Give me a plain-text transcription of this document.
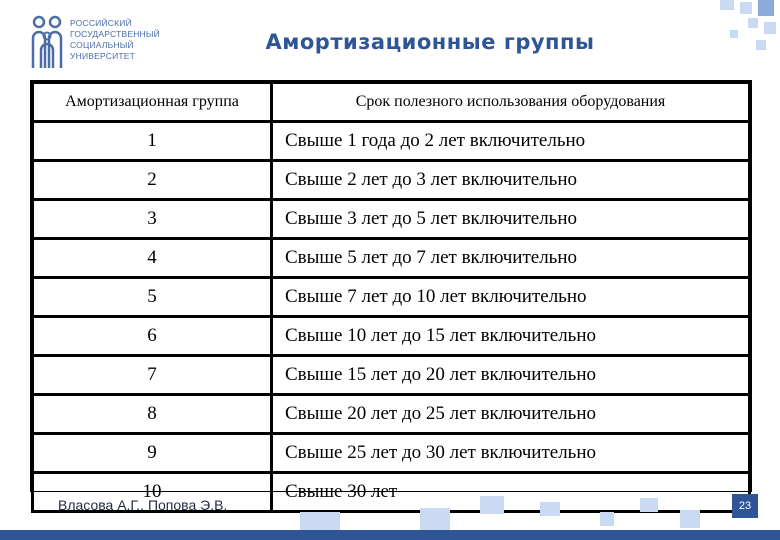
РОССИЙСКИЙ
ГОСУДАРСТВЕННЫЙ
СОЦИАЛЬНЫЙ
УНИВЕРСИТЕТ
Амортизационные группы
Амортизационная группа	Срок полезного использования оборудования
1	Свыше 1 года до 2 лет включительно
2	Свыше 2 лет до 3 лет включительно
3	Свыше 3 лет до 5 лет включительно
4	Свыше 5 лет до 7 лет включительно
5	Свыше 7 лет до 10 лет включительно
6	Свыше 10 лет до 15 лет включительно
7	Свыше 15 лет до 20 лет включительно
8	Свыше 20 лет до 25 лет включительно
9	Свыше 25 лет до 30 лет включительно
10	Свыше 30 лет
Власова А.Г., Попова Э.В.	23
